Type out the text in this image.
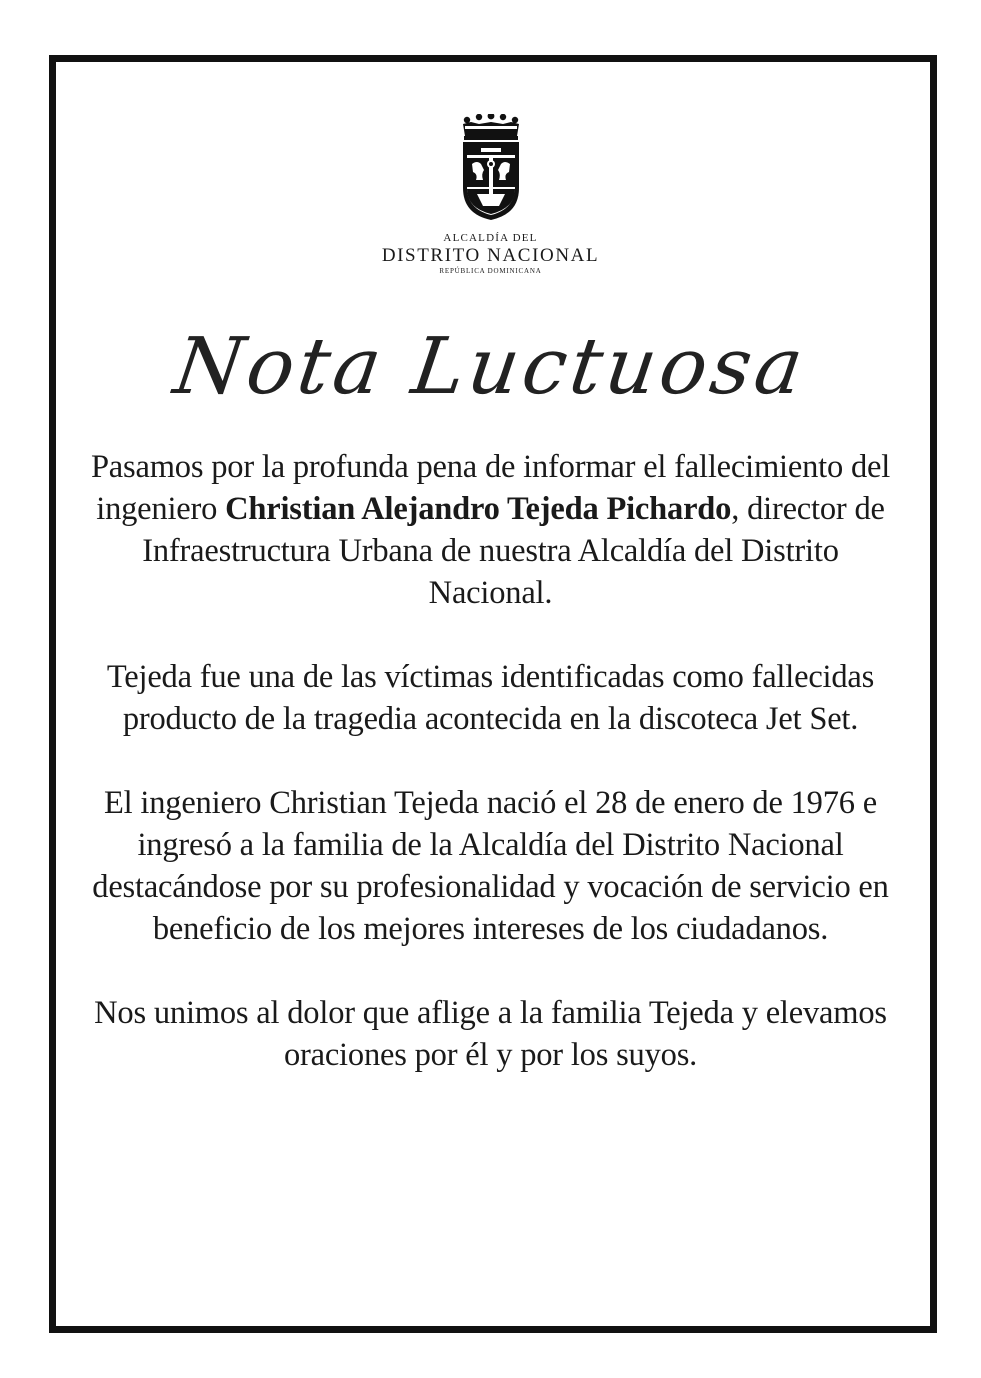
ALCALDÍA DEL
DISTRITO NACIONAL
REPÚBLICA DOMINICANA
Nota Luctuosa

Pasamos por la profunda pena de informar el fallecimiento del ingeniero Christian Alejandro Tejeda Pichardo, director de Infraestructura Urbana de nuestra Alcaldía del Distrito Nacional.

Tejeda fue una de las víctimas identificadas como fallecidas producto de la tragedia acontecida en la discoteca Jet Set.

El ingeniero Christian Tejeda nació el 28 de enero de 1976 e ingresó a la familia de la Alcaldía del Distrito Nacional destacándose por su profesionalidad y vocación de servicio en beneficio de los mejores intereses de los ciudadanos.

Nos unimos al dolor que aflige a la familia Tejeda y elevamos oraciones por él y por los suyos.
